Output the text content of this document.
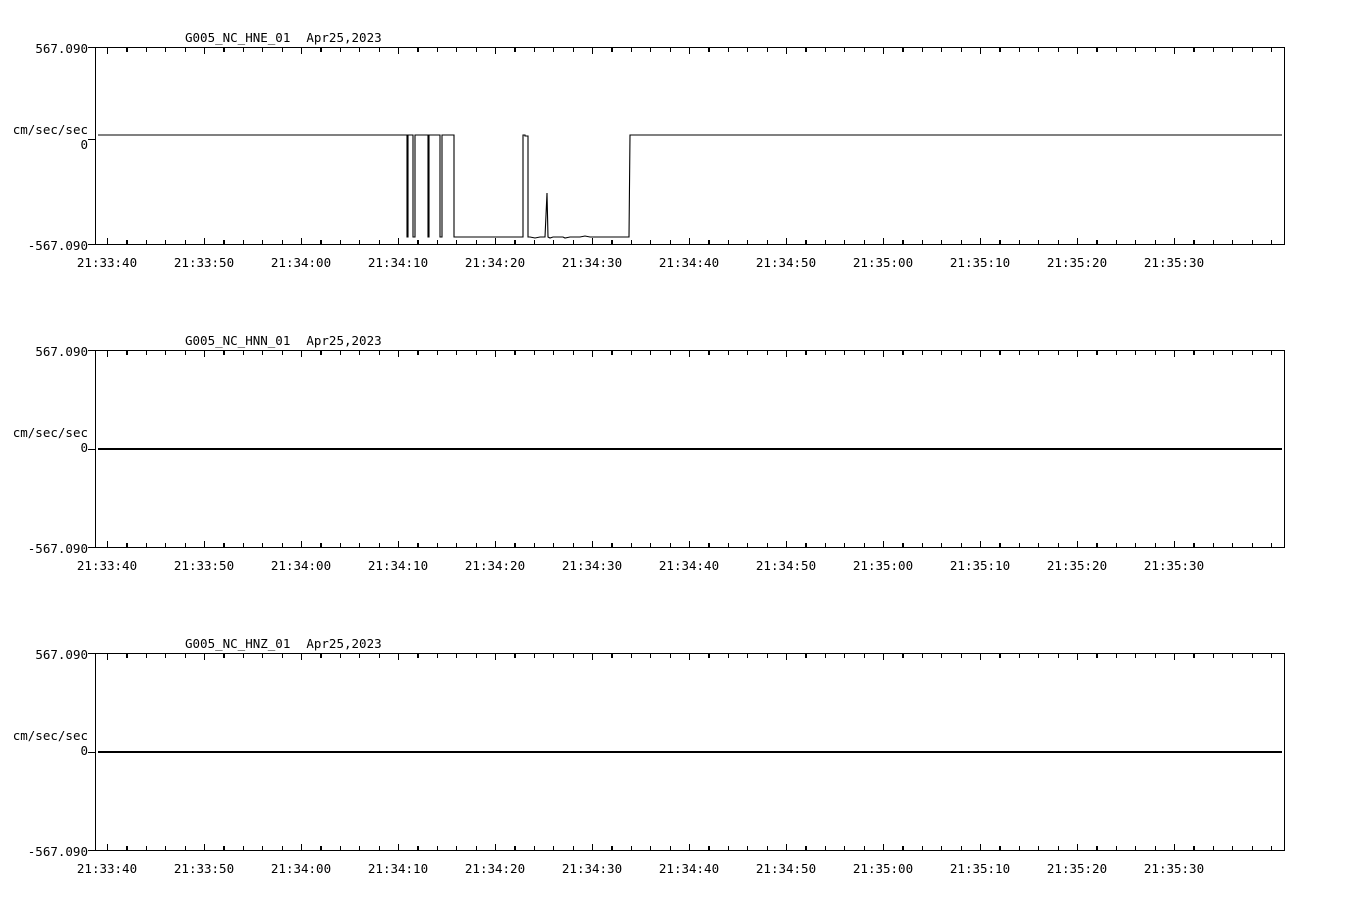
G005_NC_HNE_01 Apr25,2023
567.090
cm/sec/sec
0
-567.090
21:33:40	21:33:50	21:34:00	21:34:10	21:34:20	21:34:30	21:34:40	21:34:50	21:35:00	21:35:10	21:35:20	21:35:30
G005_NC_HNN_01 Apr25,2023
567.090
cm/sec/sec
0
-567.090
21:33:40	21:33:50	21:34:00	21:34:10	21:34:20	21:34:30	21:34:40	21:34:50	21:35:00	21:35:10	21:35:20	21:35:30
G005_NC_HNZ_01 Apr25,2023
567.090
cm/sec/sec
0
-567.090
21:33:40	21:33:50	21:34:00	21:34:10	21:34:20	21:34:30	21:34:40	21:34:50	21:35:00	21:35:10	21:35:20	21:35:30
